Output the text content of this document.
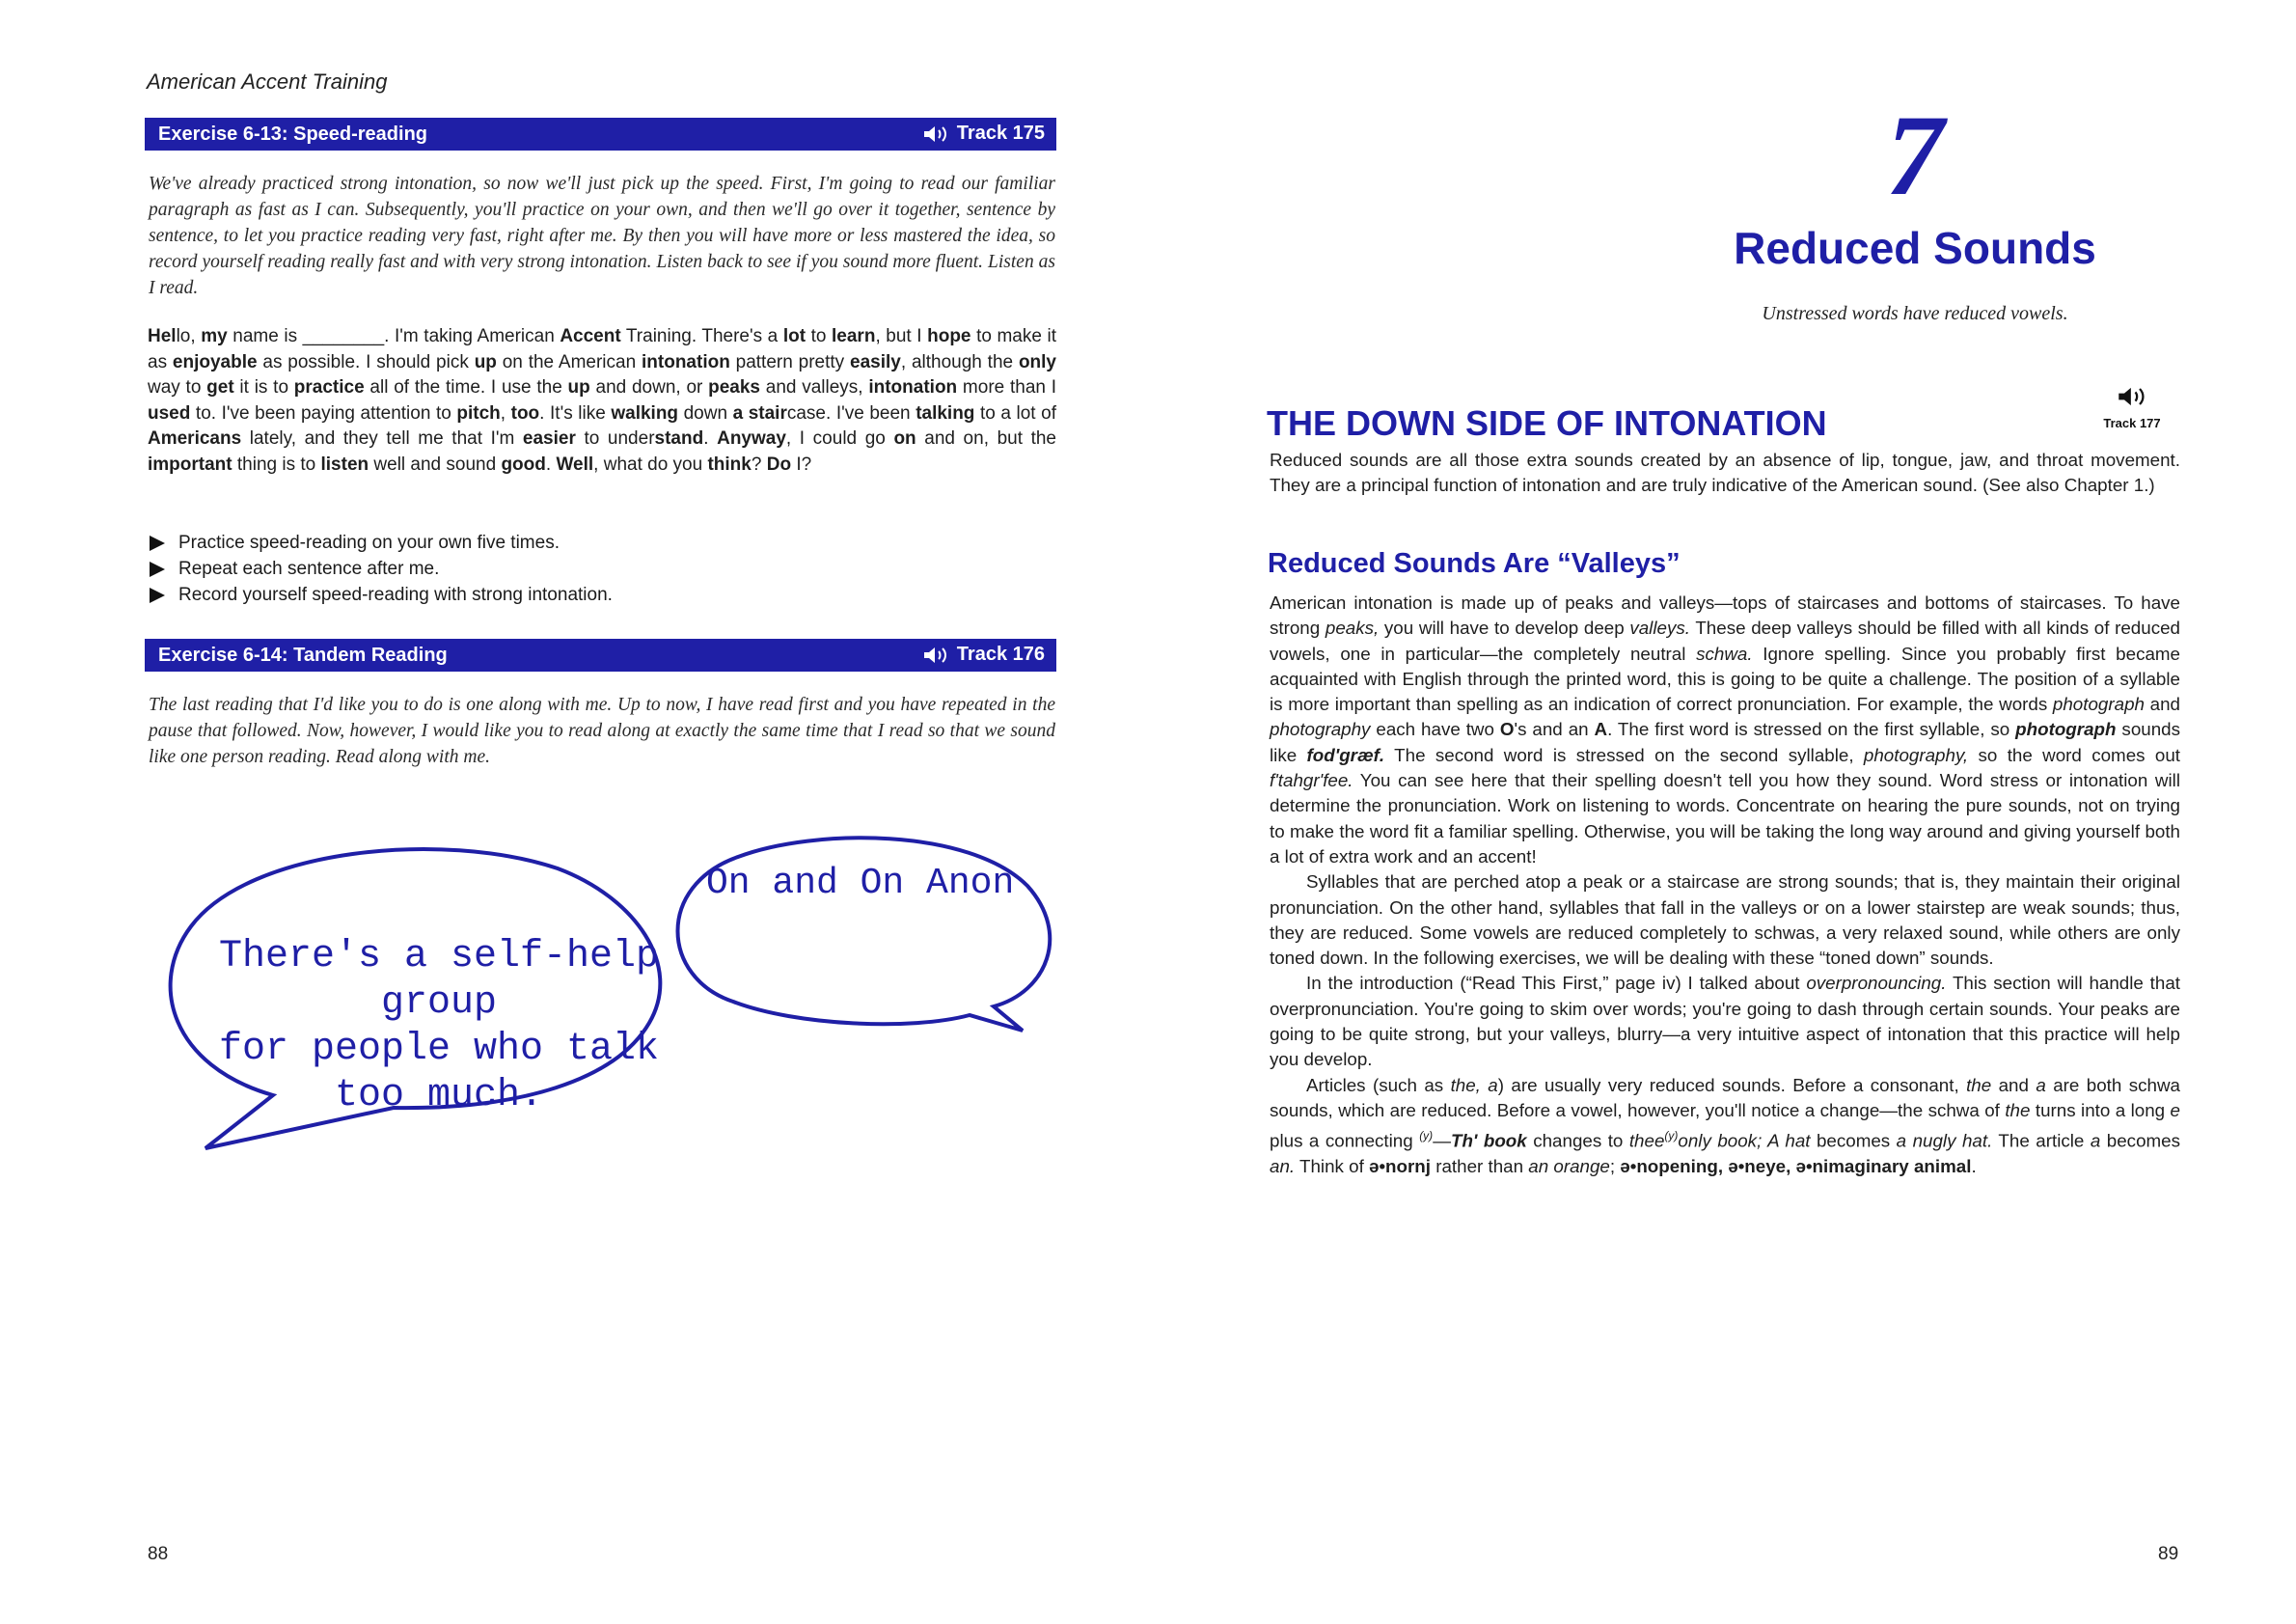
American Accent Training
Exercise 6-13: Speed-reading	Track 175
We've already practiced strong intonation, so now we'll just pick up the speed. First, I'm going to read our familiar paragraph as fast as I can. Subsequently, you'll practice on your own, and then we'll go over it together, sentence by sentence, to let you practice reading very fast, right after me. By then you will have more or less mastered the idea, so record yourself reading really fast and with very strong intonation. Listen back to see if you sound more fluent. Listen as I read.
Hello, my name is ________. I'm taking American Accent Training. There's a lot to learn, but I hope to make it as enjoyable as possible. I should pick up on the American intonation pattern pretty easily, although the only way to get it is to practice all of the time. I use the up and down, or peaks and valleys, intonation more than I used to. I've been paying attention to pitch, too. It's like walking down a staircase. I've been talking to a lot of Americans lately, and they tell me that I'm easier to understand. Anyway, I could go on and on, but the important thing is to listen well and sound good. Well, what do you think? Do I?
Practice speed-reading on your own five times.
Repeat each sentence after me.
Record yourself speed-reading with strong intonation.
Exercise 6-14: Tandem Reading	Track 176
The last reading that I'd like you to do is one along with me. Up to now, I have read first and you have repeated in the pause that followed. Now, however, I would like you to read along at exactly the same time that I read so that we sound like one person reading. Read along with me.
On and On Anon
There's a self-help group
for people who talk
too much.
88
7
Reduced Sounds
Unstressed words have reduced vowels.
THE DOWN SIDE OF INTONATION	Track 177
Reduced sounds are all those extra sounds created by an absence of lip, tongue, jaw, and throat movement. They are a principal function of intonation and are truly indicative of the American sound. (See also Chapter 1.)
Reduced Sounds Are “Valleys”

American intonation is made up of peaks and valleys—tops of staircases and bottoms of staircases. To have strong peaks, you will have to develop deep valleys. These deep valleys should be filled with all kinds of reduced vowels, one in particular—the completely neutral schwa. Ignore spelling. Since you probably first became acquainted with English through the printed word, this is going to be quite a challenge. The position of a syllable is more important than spelling as an indication of correct pronunciation. For example, the words photograph and photography each have two O's and an A. The first word is stressed on the first syllable, so photograph sounds like fod'græf. The second word is stressed on the second syllable, photography, so the word comes out f'tahgr'fee. You can see here that their spelling doesn't tell you how they sound. Word stress or intonation will determine the pronunciation. Work on listening to words. Concentrate on hearing the pure sounds, not on trying to make the word fit a familiar spelling. Otherwise, you will be taking the long way around and giving yourself both a lot of extra work and an accent!

Syllables that are perched atop a peak or a staircase are strong sounds; that is, they maintain their original pronunciation. On the other hand, syllables that fall in the valleys or on a lower stairstep are weak sounds; thus, they are reduced. Some vowels are reduced completely to schwas, a very relaxed sound, while others are only toned down. In the following exercises, we will be dealing with these “toned down” sounds.

In the introduction (“Read This First,” page iv) I talked about overpronouncing. This section will handle that overpronunciation. You're going to skim over words; you're going to dash through certain sounds. Your peaks are going to be quite strong, but your valleys, blurry—a very intuitive aspect of intonation that this practice will help you develop.

Articles (such as the, a) are usually very reduced sounds. Before a consonant, the and a are both schwa sounds, which are reduced. Before a vowel, however, you'll notice a change—the schwa of the turns into a long e plus a connecting $^{(y)}$—Th' book changes to thee$^{(y)}$only book; A hat becomes a nugly hat. The article a becomes an. Think of ə•nornj rather than an orange; ə•nopening, ə•neye, ə•nimaginary animal.

89
